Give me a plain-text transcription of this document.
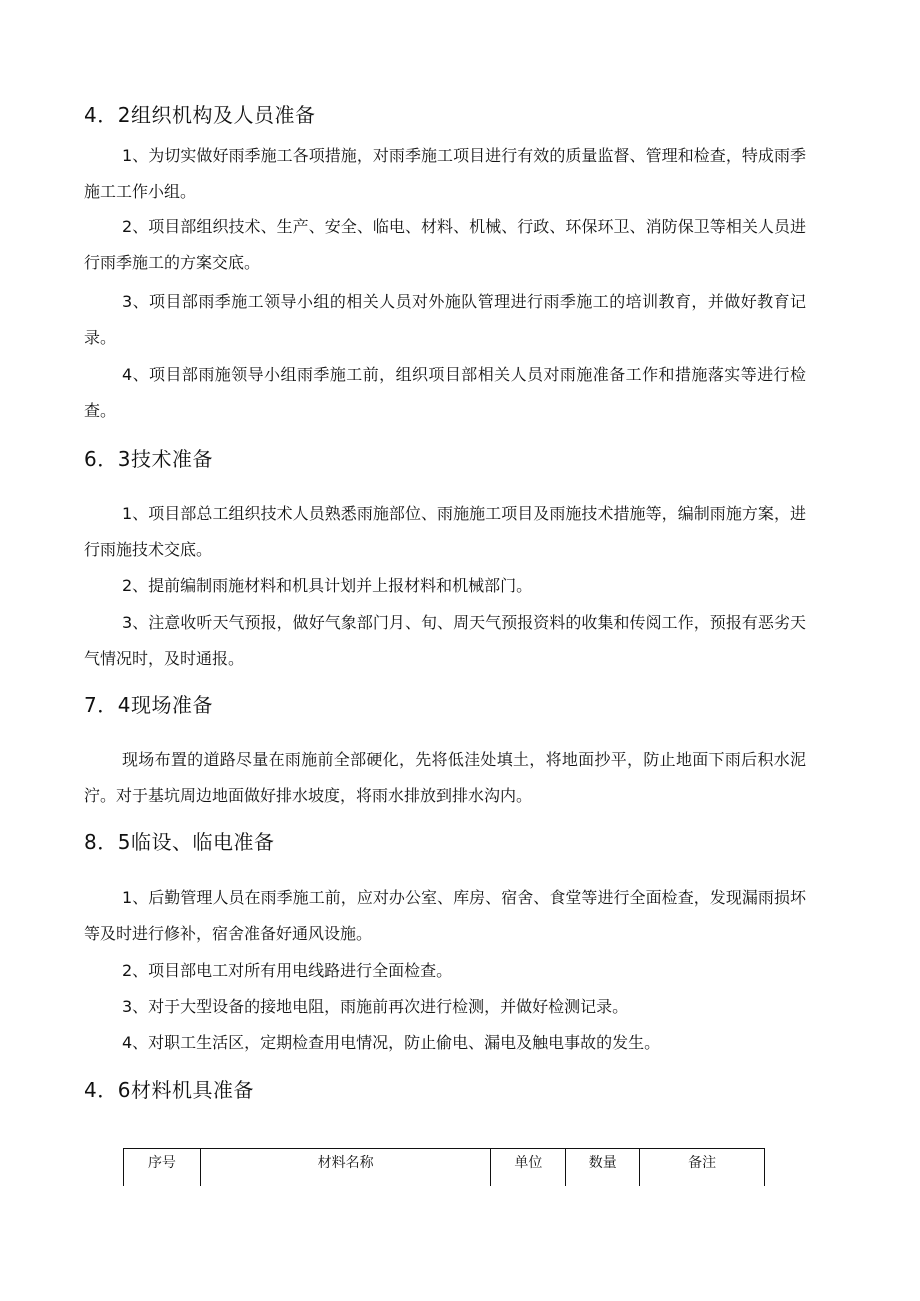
4．2组织机构及人员准备
1、为切实做好雨季施工各项措施，对雨季施工项目进行有效的质量监督、管理和检查，特成雨季施工工作小组。
2、项目部组织技术、生产、安全、临电、材料、机械、行政、环保环卫、消防保卫等相关人员进行雨季施工的方案交底。
3、项目部雨季施工领导小组的相关人员对外施队管理进行雨季施工的培训教育，并做好教育记录。
4、项目部雨施领导小组雨季施工前，组织项目部相关人员对雨施准备工作和措施落实等进行检查。
6．3技术准备
1、项目部总工组织技术人员熟悉雨施部位、雨施施工项目及雨施技术措施等，编制雨施方案，进行雨施技术交底。
2、提前编制雨施材料和机具计划并上报材料和机械部门。
3、注意收听天气预报，做好气象部门月、旬、周天气预报资料的收集和传阅工作，预报有恶劣天气情况时，及时通报。
7．4现场准备
现场布置的道路尽量在雨施前全部硬化，先将低洼处填土，将地面抄平，防止地面下雨后积水泥泞。对于基坑周边地面做好排水坡度，将雨水排放到排水沟内。
8．5临设、临电准备
1、后勤管理人员在雨季施工前，应对办公室、库房、宿舍、食堂等进行全面检查，发现漏雨损坏等及时进行修补，宿舍准备好通风设施。
2、项目部电工对所有用电线路进行全面检查。
3、对于大型设备的接地电阻，雨施前再次进行检测，并做好检测记录。
4、对职工生活区，定期检查用电情况，防止偷电、漏电及触电事故的发生。
4．6材料机具准备
序号	材料名称	单位	数量	备注
